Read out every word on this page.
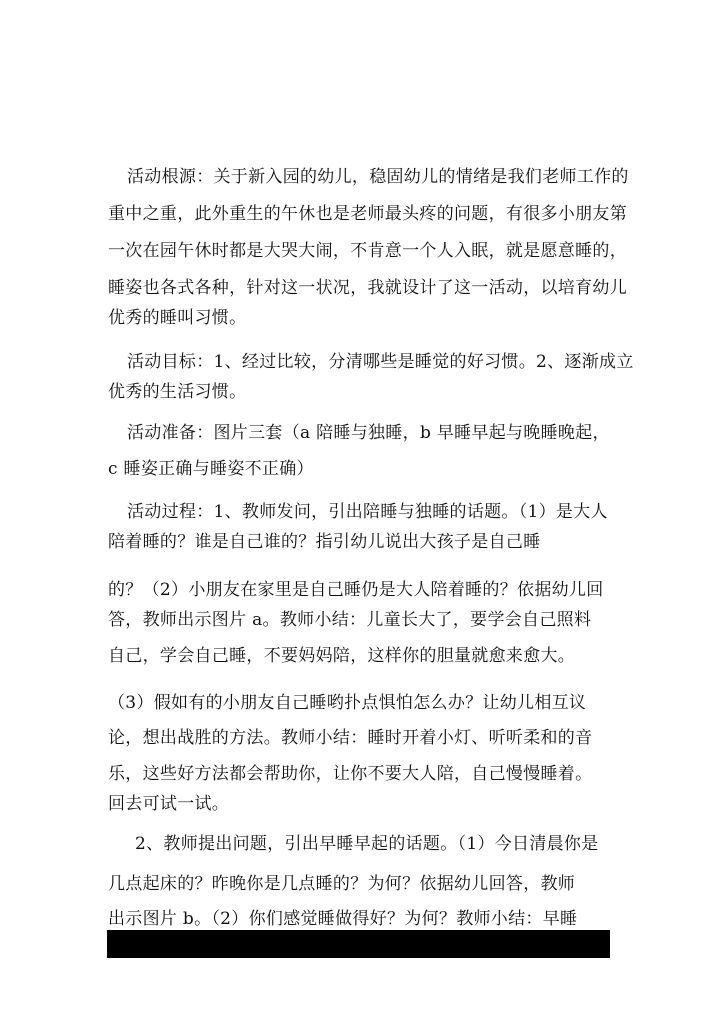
活动根源：关于新入园的幼儿，稳固幼儿的情绪是我们老师工作的
重中之重，此外重生的午休也是老师最头疼的问题，有很多小朋友第
一次在园午休时都是大哭大闹，不肯意一个人入眠，就是愿意睡的，
睡姿也各式各种，针对这一状况，我就设计了这一活动，以培育幼儿
优秀的睡叫习惯。
活动目标：1、经过比较，分清哪些是睡觉的好习惯。2、逐渐成立
优秀的生活习惯。
活动准备：图片三套（a 陪睡与独睡，b 早睡早起与晚睡晚起，
c 睡姿正确与睡姿不正确）
活动过程：1、教师发问，引出陪睡与独睡的话题。（1）是大人
陪着睡的？谁是自己谁的？指引幼儿说出大孩子是自己睡
的？（2）小朋友在家里是自己睡仍是大人陪着睡的？依据幼儿回
答，教师出示图片 a。教师小结：儿童长大了，要学会自己照料
自己，学会自己睡，不要妈妈陪，这样你的胆量就愈来愈大。
（3）假如有的小朋友自己睡哟扑点惧怕怎么办？让幼儿相互议
论，想出战胜的方法。教师小结：睡时开着小灯、听听柔和的音
乐，这些好方法都会帮助你，让你不要大人陪，自己慢慢睡着。
回去可试一试。
2、教师提出问题，引出早睡早起的话题。（1）今日清晨你是
几点起床的？昨晚你是几点睡的？为何？依据幼儿回答，教师
出示图片 b。（2）你们感觉睡做得好？为何？教师小结：早睡
